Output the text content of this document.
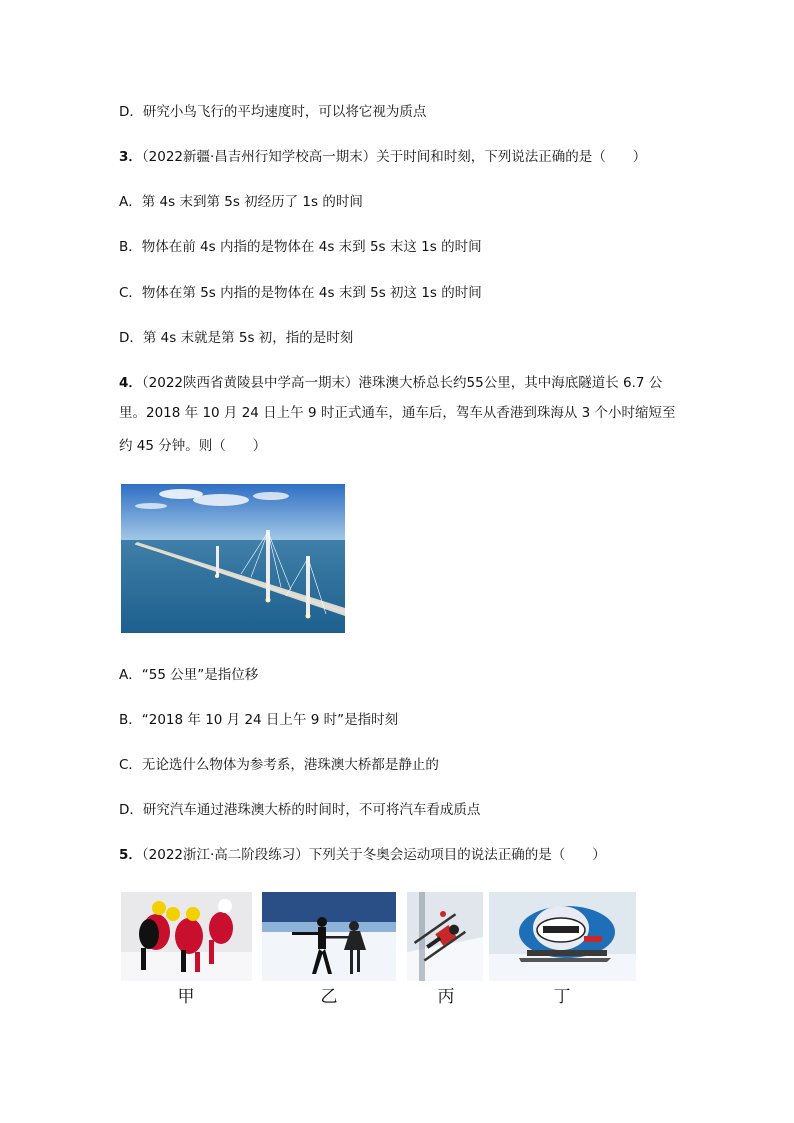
D．研究小鸟飞行的平均速度时，可以将它视为质点
3．（2022新疆·昌吉州行知学校高一期末）关于时间和时刻，下列说法正确的是（　　）
A．第 4s 末到第 5s 初经历了 1s 的时间
B．物体在前 4s 内指的是物体在 4s 末到 5s 末这 1s 的时间
C．物体在第 5s 内指的是物体在 4s 末到 5s 初这 1s 的时间
D．第 4s 末就是第 5s 初，指的是时刻
4．（2022陕西省黄陵县中学高一期末）港珠澳大桥总长约55公里，其中海底隧道长 6.7 公
里。2018 年 10 月 24 日上午 9 时正式通车，通车后，驾车从香港到珠海从 3 个小时缩短至
约 45 分钟。则（　　）
A．“55 公里”是指位移
B．“2018 年 10 月 24 日上午 9 时”是指时刻
C．无论选什么物体为参考系，港珠澳大桥都是静止的
D．研究汽车通过港珠澳大桥的时间时，不可将汽车看成质点
5．（2022浙江·高二阶段练习）下列关于冬奥会运动项目的说法正确的是（　　）
甲	乙	丙	丁
